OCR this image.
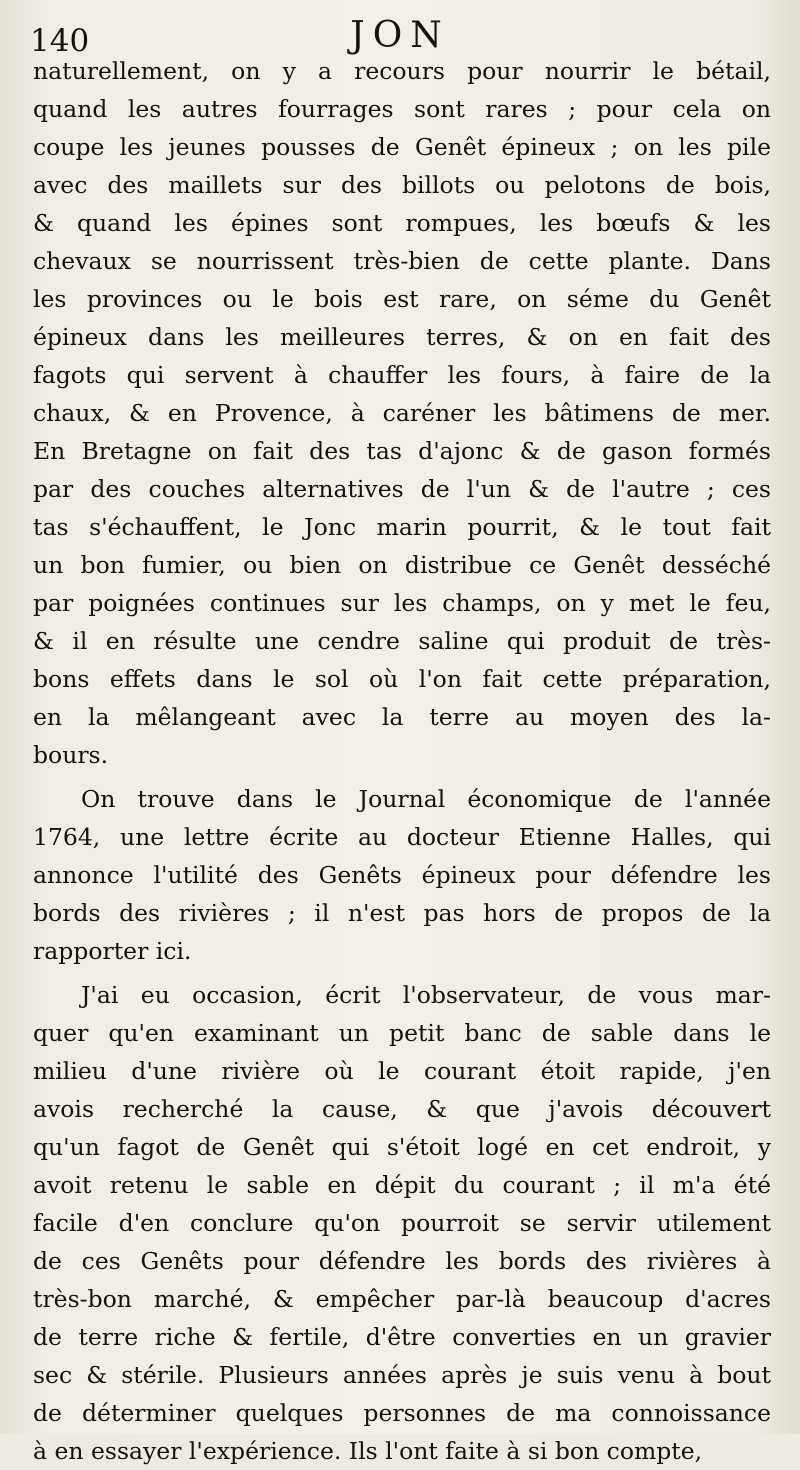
140	JON
naturellement, on y a recours pour nourrir le bétail,
quand les autres fourrages sont rares ; pour cela on
coupe les jeunes pousses de Genêt épineux ; on les pile
avec des maillets sur des billots ou pelotons de bois,
& quand les épines sont rompues, les bœufs & les
chevaux se nourrissent très-bien de cette plante. Dans
les provinces ou le bois est rare, on séme du Genêt
épineux dans les meilleures terres, & on en fait des
fagots qui servent à chauffer les fours, à faire de la
chaux, & en Provence, à caréner les bâtimens de mer.
En Bretagne on fait des tas d'ajonc & de gason formés
par des couches alternatives de l'un & de l'autre ; ces
tas s'échauffent, le Jonc marin pourrit, & le tout fait
un bon fumier, ou bien on distribue ce Genêt desséché
par poignées continues sur les champs, on y met le feu,
& il en résulte une cendre saline qui produit de très-
bons effets dans le sol où l'on fait cette préparation,
en la mêlangeant avec la terre au moyen des la-
bours.
On trouve dans le Journal économique de l'année
1764, une lettre écrite au docteur Etienne Halles, qui
annonce l'utilité des Genêts épineux pour défendre les
bords des rivières ; il n'est pas hors de propos de la
rapporter ici.
J'ai eu occasion, écrit l'observateur, de vous mar-
quer qu'en examinant un petit banc de sable dans le
milieu d'une rivière où le courant étoit rapide, j'en
avois recherché la cause, & que j'avois découvert
qu'un fagot de Genêt qui s'étoit logé en cet endroit, y
avoit retenu le sable en dépit du courant ; il m'a été
facile d'en conclure qu'on pourroit se servir utilement
de ces Genêts pour défendre les bords des rivières à
très-bon marché, & empêcher par-là beaucoup d'acres
de terre riche & fertile, d'être converties en un gravier
sec & stérile. Plusieurs années après je suis venu à bout
de déterminer quelques personnes de ma connoissance
à en essayer l'expérience. Ils l'ont faite à si bon compte,
